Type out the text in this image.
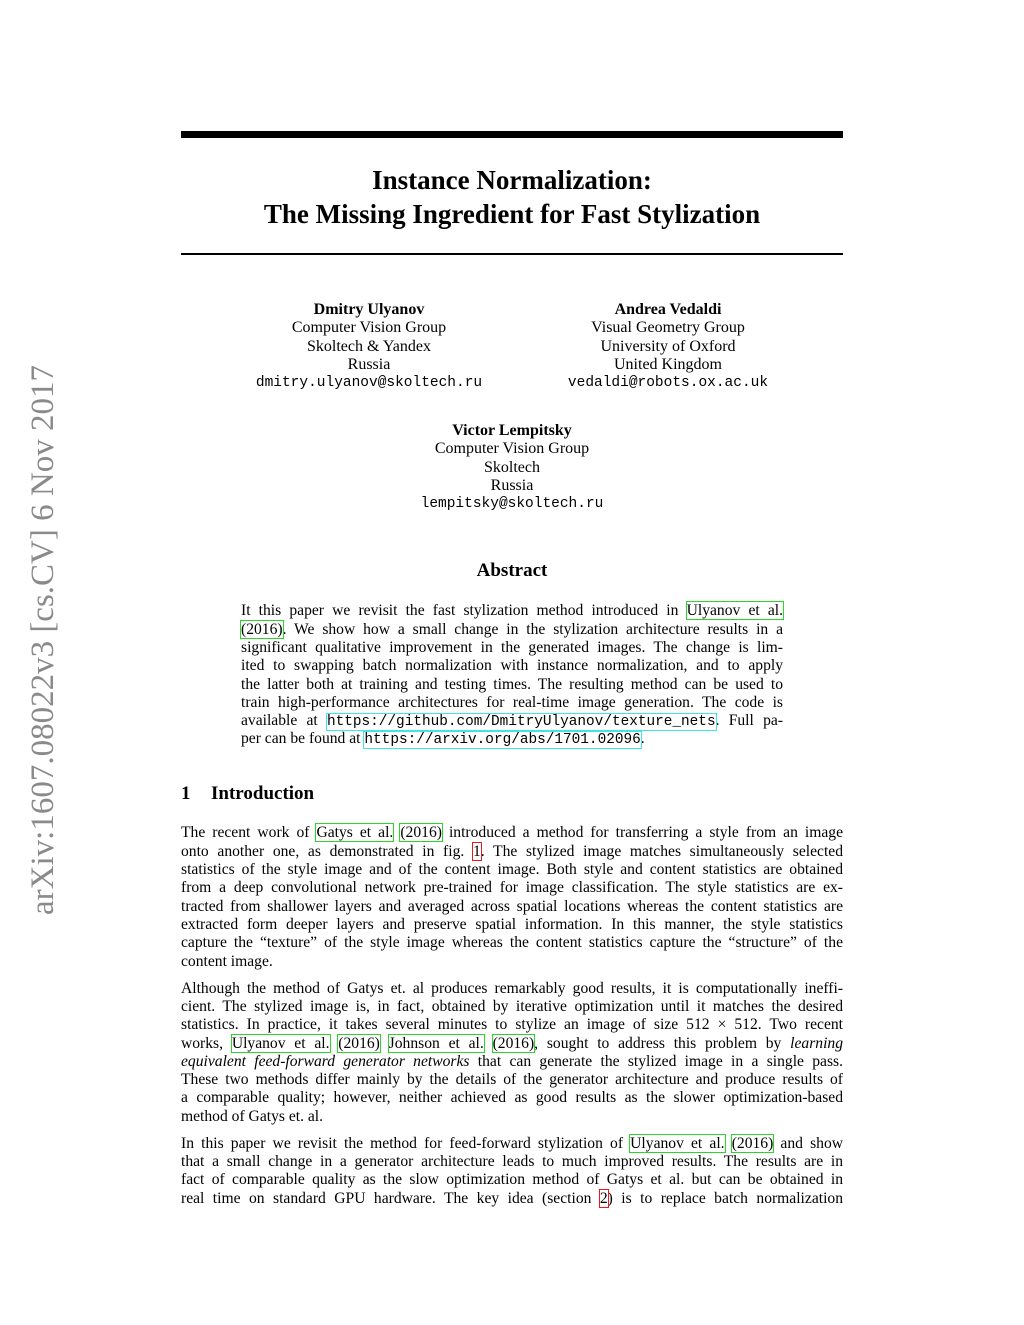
arXiv:1607.08022v3 [cs.CV] 6 Nov 2017
Instance Normalization:
The Missing Ingredient for Fast Stylization
Dmitry Ulyanov
Computer Vision Group
Skoltech & Yandex
Russia
dmitry.ulyanov@skoltech.ru
Andrea Vedaldi
Visual Geometry Group
University of Oxford
United Kingdom
vedaldi@robots.ox.ac.uk
Victor Lempitsky
Computer Vision Group
Skoltech
Russia
lempitsky@skoltech.ru
Abstract
It this paper we revisit the fast stylization method introduced in Ulyanov et al.
(2016). We show how a small change in the stylization architecture results in a
significant qualitative improvement in the generated images. The change is lim-
ited to swapping batch normalization with instance normalization, and to apply
the latter both at training and testing times. The resulting method can be used to
train high-performance architectures for real-time image generation. The code is
available at https://github.com/DmitryUlyanov/texture_nets. Full pa-
per can be found at https://arxiv.org/abs/1701.02096.
1 Introduction
The recent work of Gatys et al. (2016) introduced a method for transferring a style from an image
onto another one, as demonstrated in fig. 1. The stylized image matches simultaneously selected
statistics of the style image and of the content image. Both style and content statistics are obtained
from a deep convolutional network pre-trained for image classification. The style statistics are ex-
tracted from shallower layers and averaged across spatial locations whereas the content statistics are
extracted form deeper layers and preserve spatial information. In this manner, the style statistics
capture the “texture” of the style image whereas the content statistics capture the “structure” of the
content image.
Although the method of Gatys et. al produces remarkably good results, it is computationally ineffi-
cient. The stylized image is, in fact, obtained by iterative optimization until it matches the desired
statistics. In practice, it takes several minutes to stylize an image of size 512 × 512. Two recent
works, Ulyanov et al. (2016) Johnson et al. (2016), sought to address this problem by learning
equivalent feed-forward generator networks that can generate the stylized image in a single pass.
These two methods differ mainly by the details of the generator architecture and produce results of
a comparable quality; however, neither achieved as good results as the slower optimization-based
method of Gatys et. al.
In this paper we revisit the method for feed-forward stylization of Ulyanov et al. (2016) and show
that a small change in a generator architecture leads to much improved results. The results are in
fact of comparable quality as the slow optimization method of Gatys et al. but can be obtained in
real time on standard GPU hardware. The key idea (section 2) is to replace batch normalization
